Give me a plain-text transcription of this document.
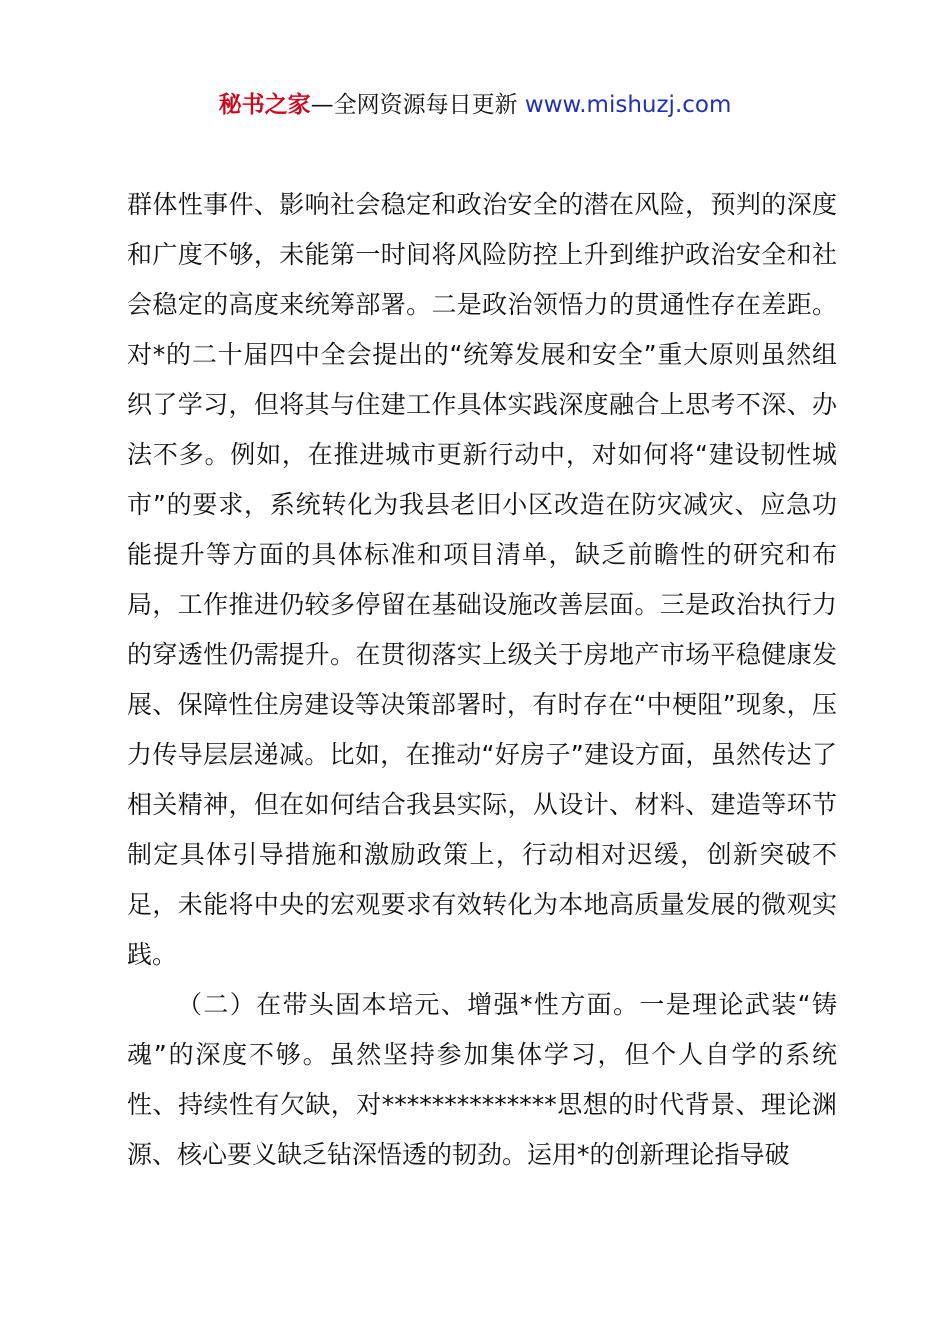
秘书之家—全网资源每日更新 www.mishuzj.com

群体性事件、影响社会稳定和政治安全的潜在风险，预判的深度和广度不够，未能第一时间将风险防控上升到维护政治安全和社会稳定的高度来统筹部署。二是政治领悟力的贯通性存在差距。对*的二十届四中全会提出的“统筹发展和安全”重大原则虽然组织了学习，但将其与住建工作具体实践深度融合上思考不深、办法不多。例如，在推进城市更新行动中，对如何将“建设韧性城市”的要求，系统转化为我县老旧小区改造在防灾减灾、应急功能提升等方面的具体标准和项目清单，缺乏前瞻性的研究和布局，工作推进仍较多停留在基础设施改善层面。三是政治执行力的穿透性仍需提升。在贯彻落实上级关于房地产市场平稳健康发展、保障性住房建设等决策部署时，有时存在“中梗阻”现象，压力传导层层递减。比如，在推动“好房子”建设方面，虽然传达了相关精神，但在如何结合我县实际，从设计、材料、建造等环节制定具体引导措施和激励政策上，行动相对迟缓，创新突破不足，未能将中央的宏观要求有效转化为本地高质量发展的微观实践。

（二）在带头固本培元、增强*性方面。一是理论武装“铸魂”的深度不够。虽然坚持参加集体学习，但个人自学的系统性、持续性有欠缺，对**************思想的时代背景、理论渊源、核心要义缺乏钻深悟透的韧劲。运用*的创新理论指导破
